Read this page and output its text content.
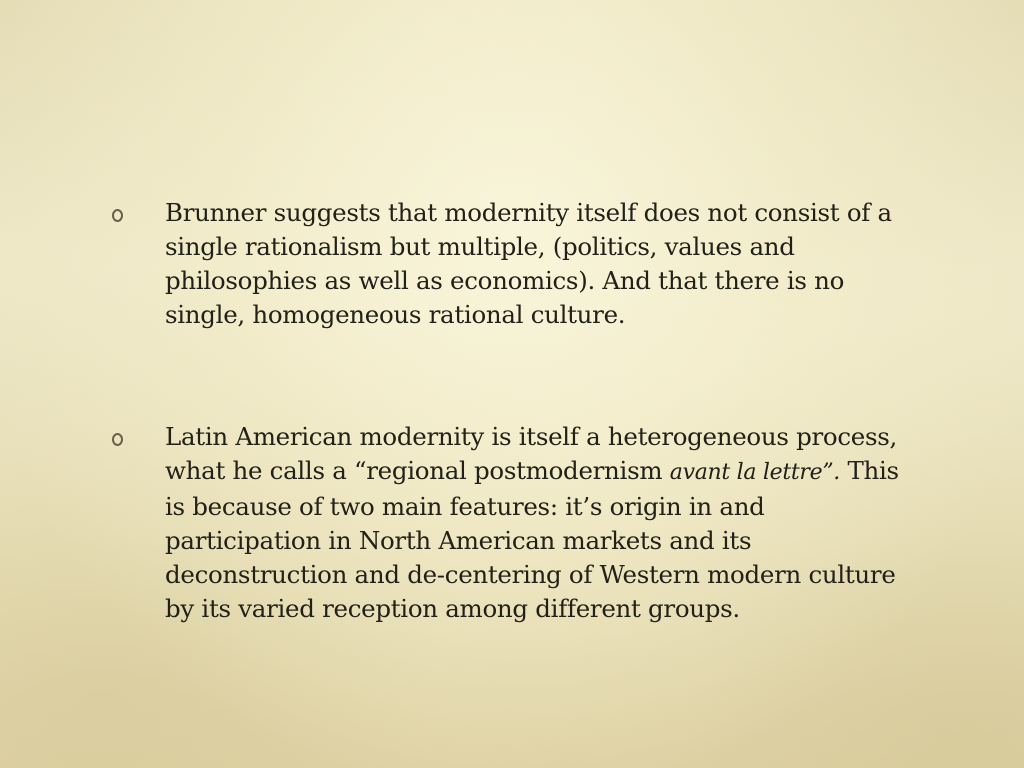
Brunner suggests that modernity itself does not consist of a single rationalism but multiple, (politics, values and philosophies as well as economics). And that there is no single, homogeneous rational culture.
Latin American modernity is itself a heterogeneous process, what he calls a “regional postmodernism avant la lettre”. This is because of two main features: it’s origin in and participation in North American markets and its deconstruction and de-centering of Western modern culture by its varied reception among different groups.
